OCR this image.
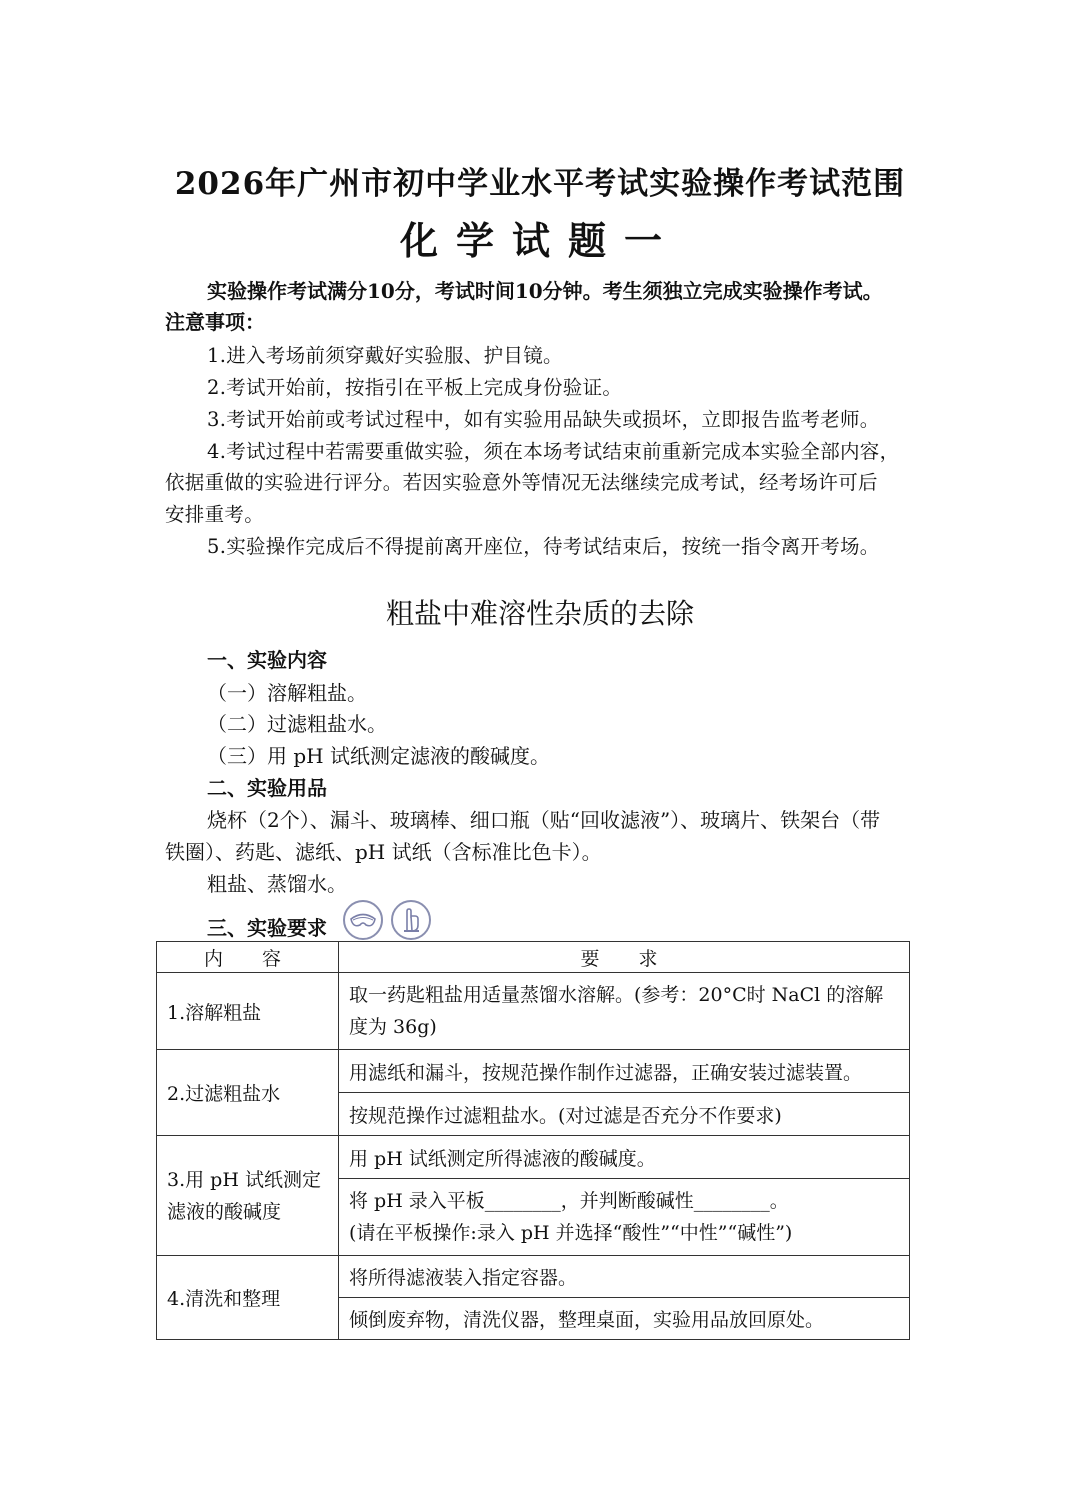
2026年广州市初中学业水平考试实验操作考试范围
化学试题一
实验操作考试满分10分，考试时间10分钟。考生须独立完成实验操作考试。
注意事项：
1.进入考场前须穿戴好实验服、护目镜。
2.考试开始前，按指引在平板上完成身份验证。
3.考试开始前或考试过程中，如有实验用品缺失或损坏，立即报告监考老师。
4.考试过程中若需要重做实验，须在本场考试结束前重新完成本实验全部内容，
依据重做的实验进行评分。若因实验意外等情况无法继续完成考试，经考场许可后
安排重考。
5.实验操作完成后不得提前离开座位，待考试结束后，按统一指令离开考场。
粗盐中难溶性杂质的去除
一、实验内容
（一）溶解粗盐。
（二）过滤粗盐水。
（三）用 pH 试纸测定滤液的酸碱度。
二、实验用品
烧杯（2个）、漏斗、玻璃棒、细口瓶（贴“回收滤液”）、玻璃片、铁架台（带
铁圈）、药匙、滤纸、pH 试纸（含标准比色卡）。
粗盐、蒸馏水。
三、实验要求
内　容	要　求
1.溶解粗盐	取一药匙粗盐用适量蒸馏水溶解。(参考：20°C时 NaCl 的溶解
度为 36g)

2.过滤粗盐水	用滤纸和漏斗，按规范操作制作过滤器，正确安装过滤装置。
	按规范操作过滤粗盐水。(对过滤是否充分不作要求)

3.用 pH 试纸测定
滤液的酸碱度	用 pH 试纸测定所得滤液的酸碱度。

	将 pH 录入平板________，并判断酸碱性________。
(请在平板操作:录入 pH 并选择“酸性”“中性”“碱性”)

4.清洗和整理	将所得滤液装入指定容器。
	倾倒废弃物，清洗仪器，整理桌面，实验用品放回原处。
